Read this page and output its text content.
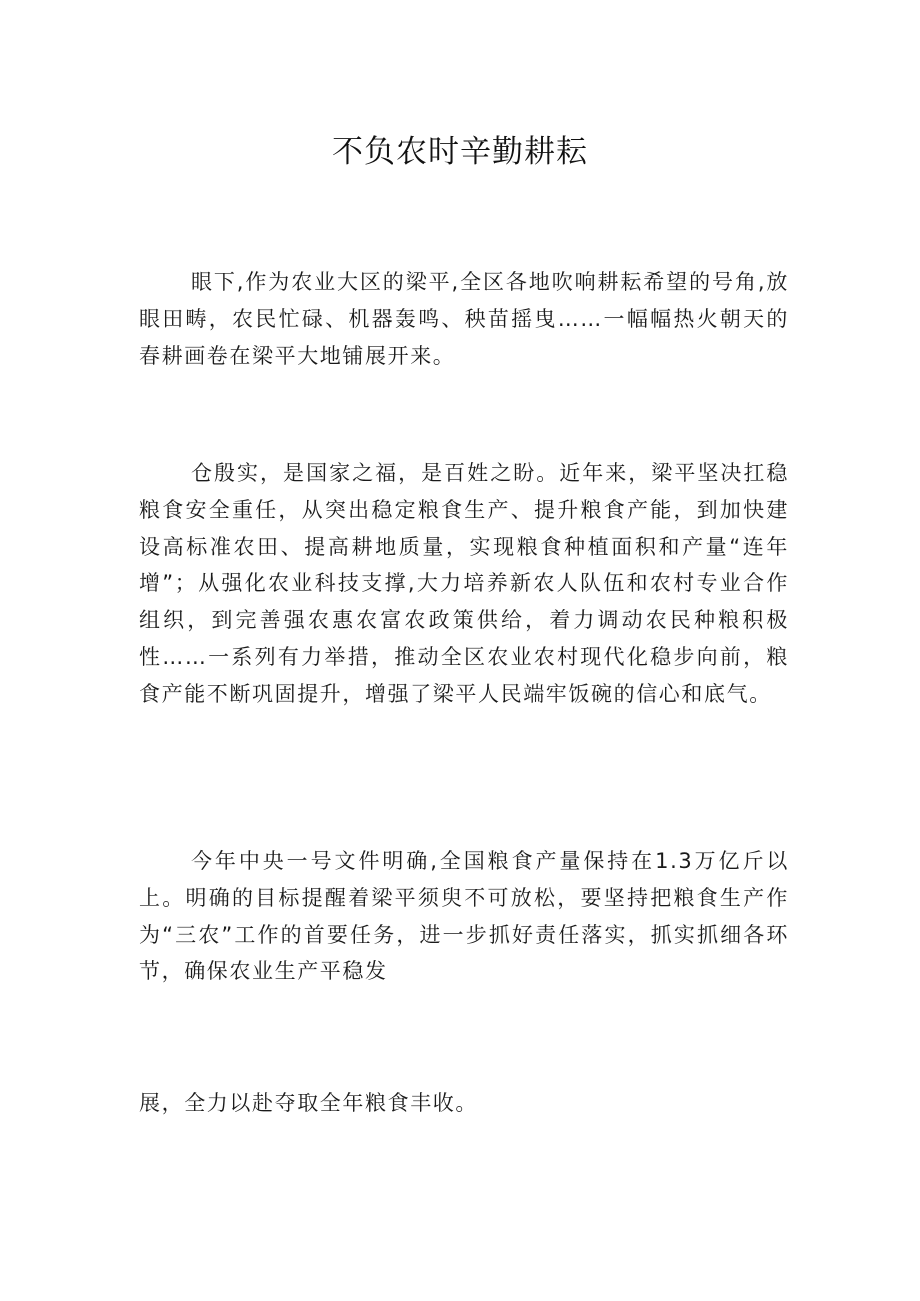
不负农时辛勤耕耘

眼下,作为农业大区的梁平,全区各地吹响耕耘希望的号角,放眼田畴，农民忙碌、机器轰鸣、秧苗摇曳……一幅幅热火朝天的春耕画卷在梁平大地铺展开来。

仓殷实，是国家之福，是百姓之盼。近年来，梁平坚决扛稳粮食安全重任，从突出稳定粮食生产、提升粮食产能，到加快建设高标准农田、提高耕地质量，实现粮食种植面积和产量“连年增”；从强化农业科技支撑,大力培养新农人队伍和农村专业合作组织，到完善强农惠农富农政策供给，着力调动农民种粮积极性……一系列有力举措，推动全区农业农村现代化稳步向前，粮食产能不断巩固提升，增强了梁平人民端牢饭碗的信心和底气。

今年中央一号文件明确,全国粮食产量保持在1.3万亿斤以上。明确的目标提醒着梁平须臾不可放松，要坚持把粮食生产作为“三农”工作的首要任务，进一步抓好责任落实，抓实抓细各环节，确保农业生产平稳发

展，全力以赴夺取全年粮食丰收。
